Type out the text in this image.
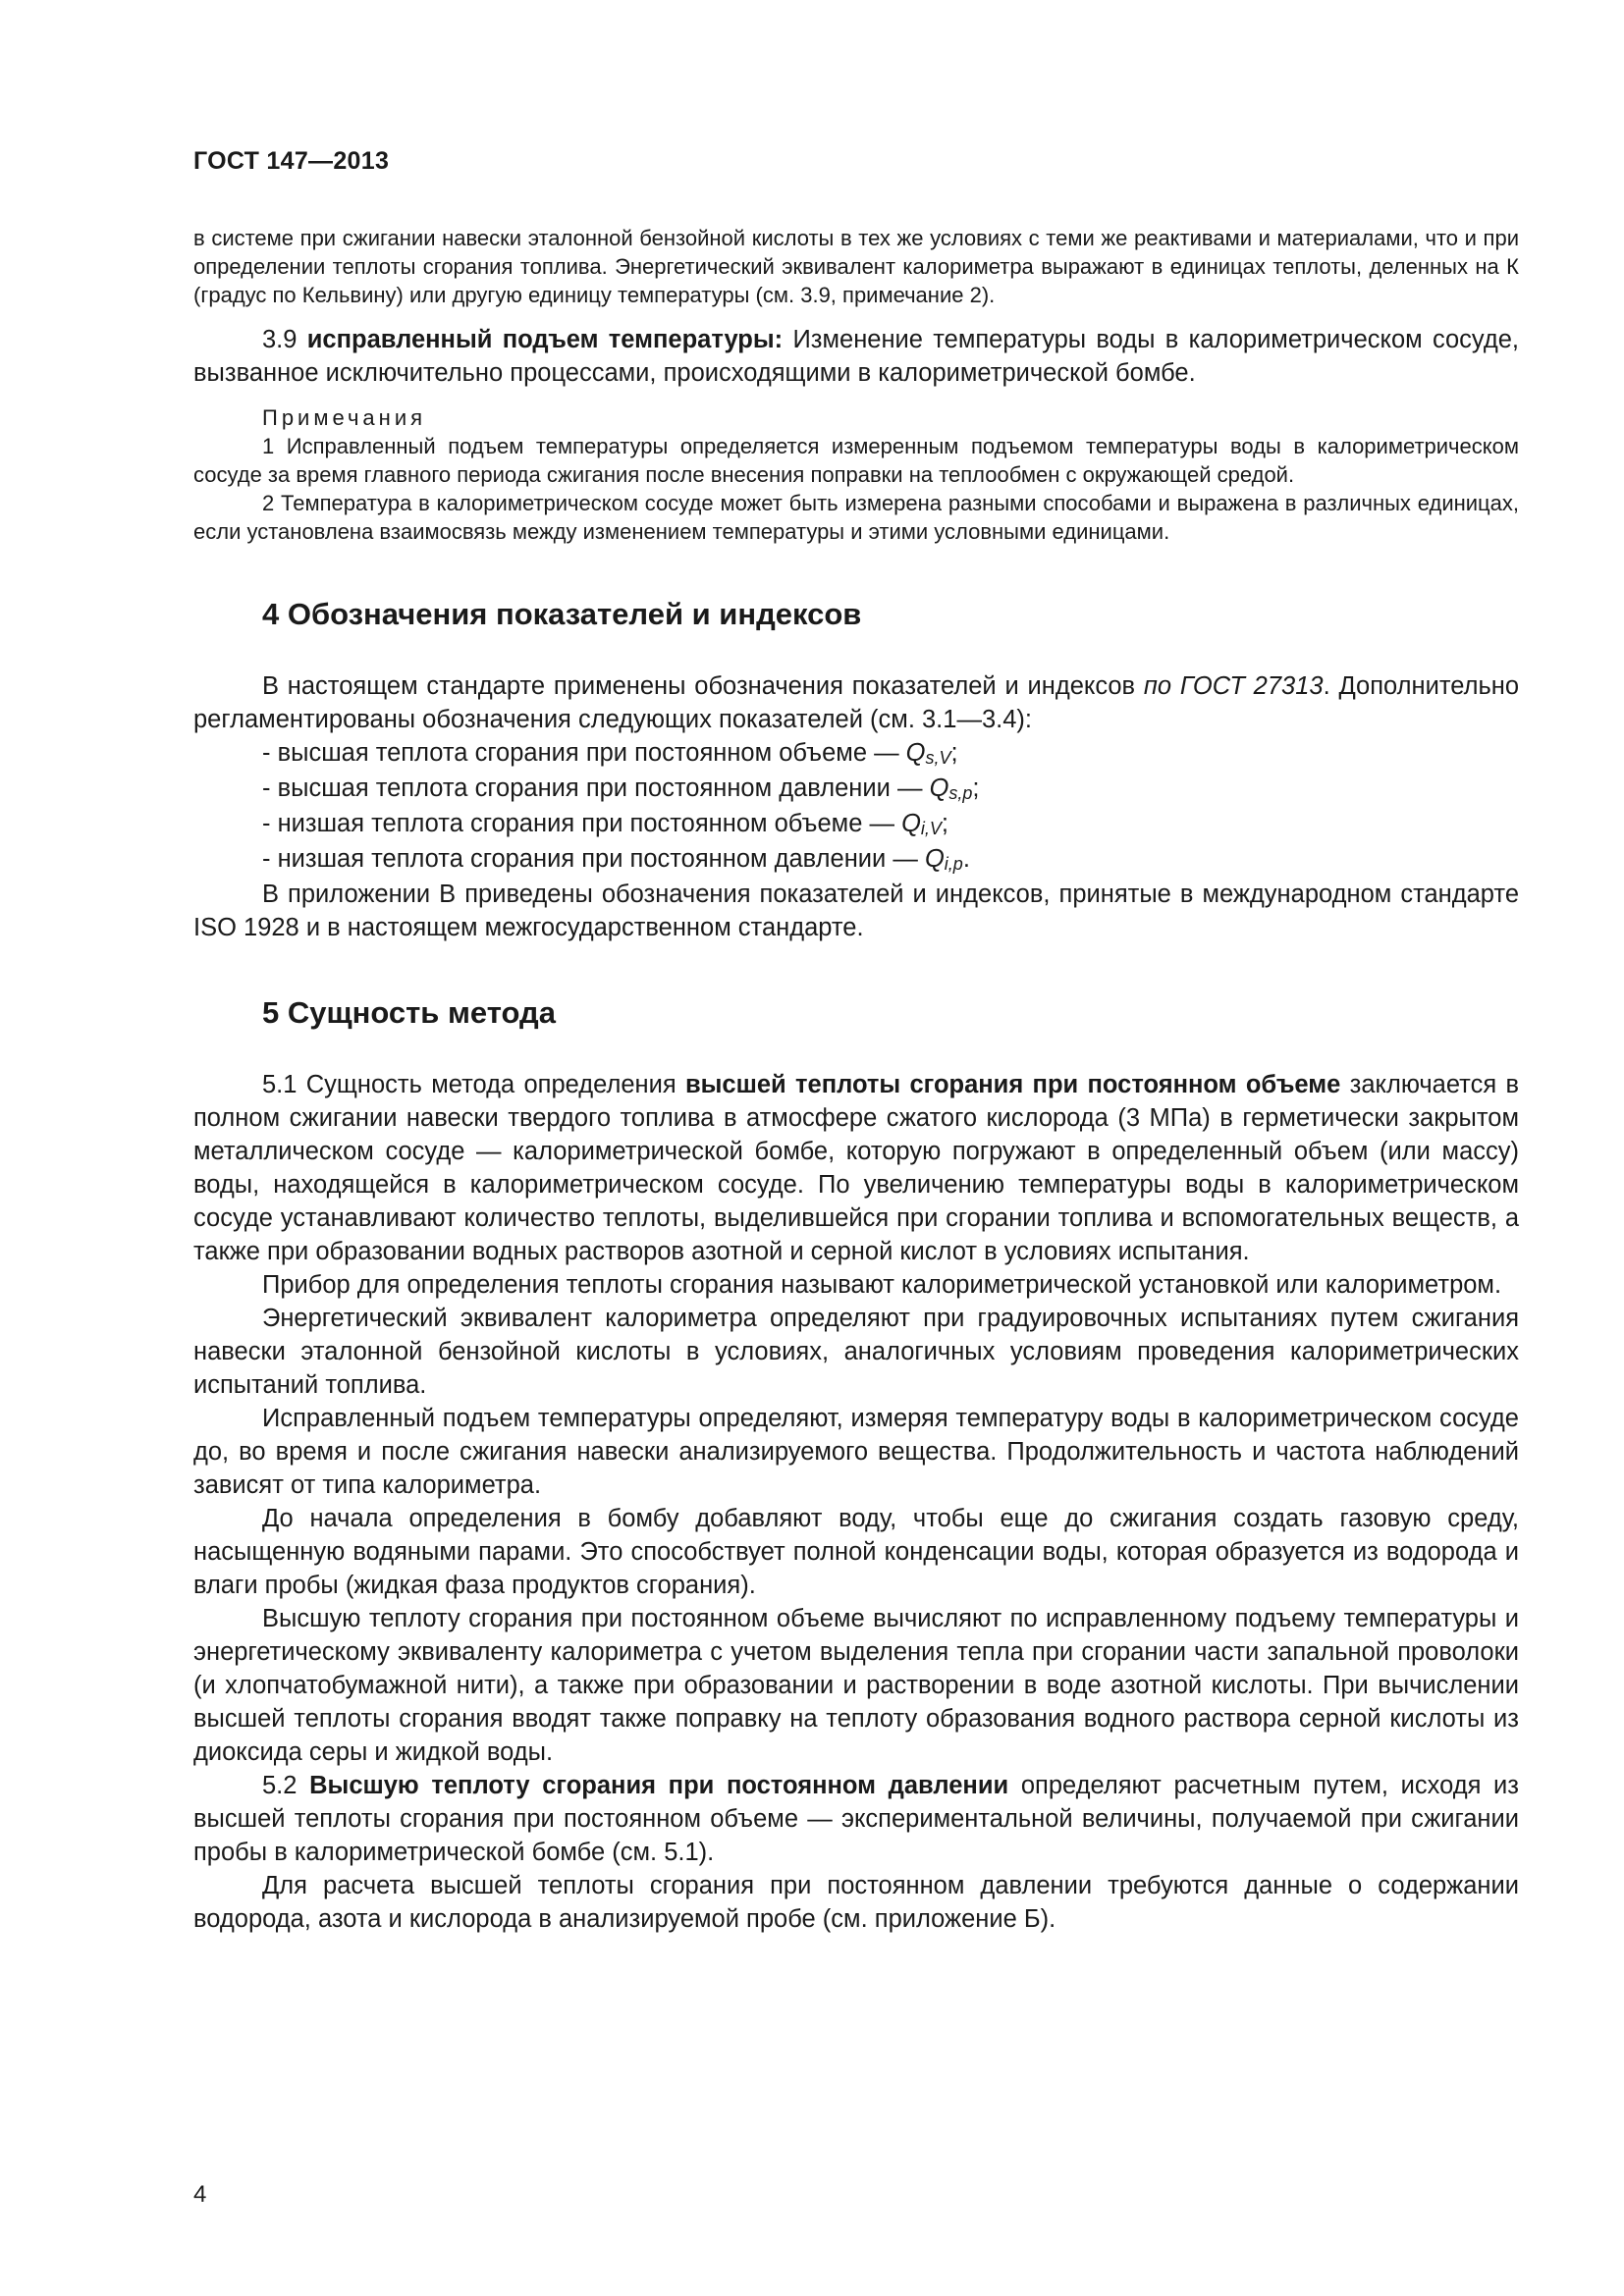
ГОСТ 147—2013

в системе при сжигании навески эталонной бензойной кислоты в тех же условиях с теми же реактивами и материалами, что и при определении теплоты сгорания топлива. Энергетический эквивалент калориметра выражают в единицах теплоты, деленных на К (градус по Кельвину) или другую единицу температуры (см. 3.9, примечание 2).

3.9 исправленный подъем температуры: Изменение температуры воды в калориметрическом сосуде, вызванное исключительно процессами, происходящими в калориметрической бомбе.

Примечания

1 Исправленный подъем температуры определяется измеренным подъемом температуры воды в калориметрическом сосуде за время главного периода сжигания после внесения поправки на теплообмен с окружающей средой.

2 Температура в калориметрическом сосуде может быть измерена разными способами и выражена в различных единицах, если установлена взаимосвязь между изменением температуры и этими условными единицами.

4 Обозначения показателей и индексов

В настоящем стандарте применены обозначения показателей и индексов по ГОСТ 27313. Дополнительно регламентированы обозначения следующих показателей (см. 3.1—3.4):

- высшая теплота сгорания при постоянном объеме — $Q_{s,V}$;

- высшая теплота сгорания при постоянном давлении — $Q_{s,p}$;

- низшая теплота сгорания при постоянном объеме — $Q_{i,V}$;

- низшая теплота сгорания при постоянном давлении — $Q_{i,p}$.

В приложении В приведены обозначения показателей и индексов, принятые в международном стандарте ISO 1928 и в настоящем межгосударственном стандарте.

5 Сущность метода

5.1 Сущность метода определения высшей теплоты сгорания при постоянном объеме заключается в полном сжигании навески твердого топлива в атмосфере сжатого кислорода (3 МПа) в герметически закрытом металлическом сосуде — калориметрической бомбе, которую погружают в определенный объем (или массу) воды, находящейся в калориметрическом сосуде. По увеличению температуры воды в калориметрическом сосуде устанавливают количество теплоты, выделившейся при сгорании топлива и вспомогательных веществ, а также при образовании водных растворов азотной и серной кислот в условиях испытания.

Прибор для определения теплоты сгорания называют калориметрической установкой или калориметром.

Энергетический эквивалент калориметра определяют при градуировочных испытаниях путем сжигания навески эталонной бензойной кислоты в условиях, аналогичных условиям проведения калориметрических испытаний топлива.

Исправленный подъем температуры определяют, измеряя температуру воды в калориметрическом сосуде до, во время и после сжигания навески анализируемого вещества. Продолжительность и частота наблюдений зависят от типа калориметра.

До начала определения в бомбу добавляют воду, чтобы еще до сжигания создать газовую среду, насыщенную водяными парами. Это способствует полной конденсации воды, которая образуется из водорода и влаги пробы (жидкая фаза продуктов сгорания).

Высшую теплоту сгорания при постоянном объеме вычисляют по исправленному подъему температуры и энергетическому эквиваленту калориметра с учетом выделения тепла при сгорании части запальной проволоки (и хлопчатобумажной нити), а также при образовании и растворении в воде азотной кислоты. При вычислении высшей теплоты сгорания вводят также поправку на теплоту образования водного раствора серной кислоты из диоксида серы и жидкой воды.

5.2 Высшую теплоту сгорания при постоянном давлении определяют расчетным путем, исходя из высшей теплоты сгорания при постоянном объеме — экспериментальной величины, получаемой при сжигании пробы в калориметрической бомбе (см. 5.1).

Для расчета высшей теплоты сгорания при постоянном давлении требуются данные о содержании водорода, азота и кислорода в анализируемой пробе (см. приложение Б).

4
